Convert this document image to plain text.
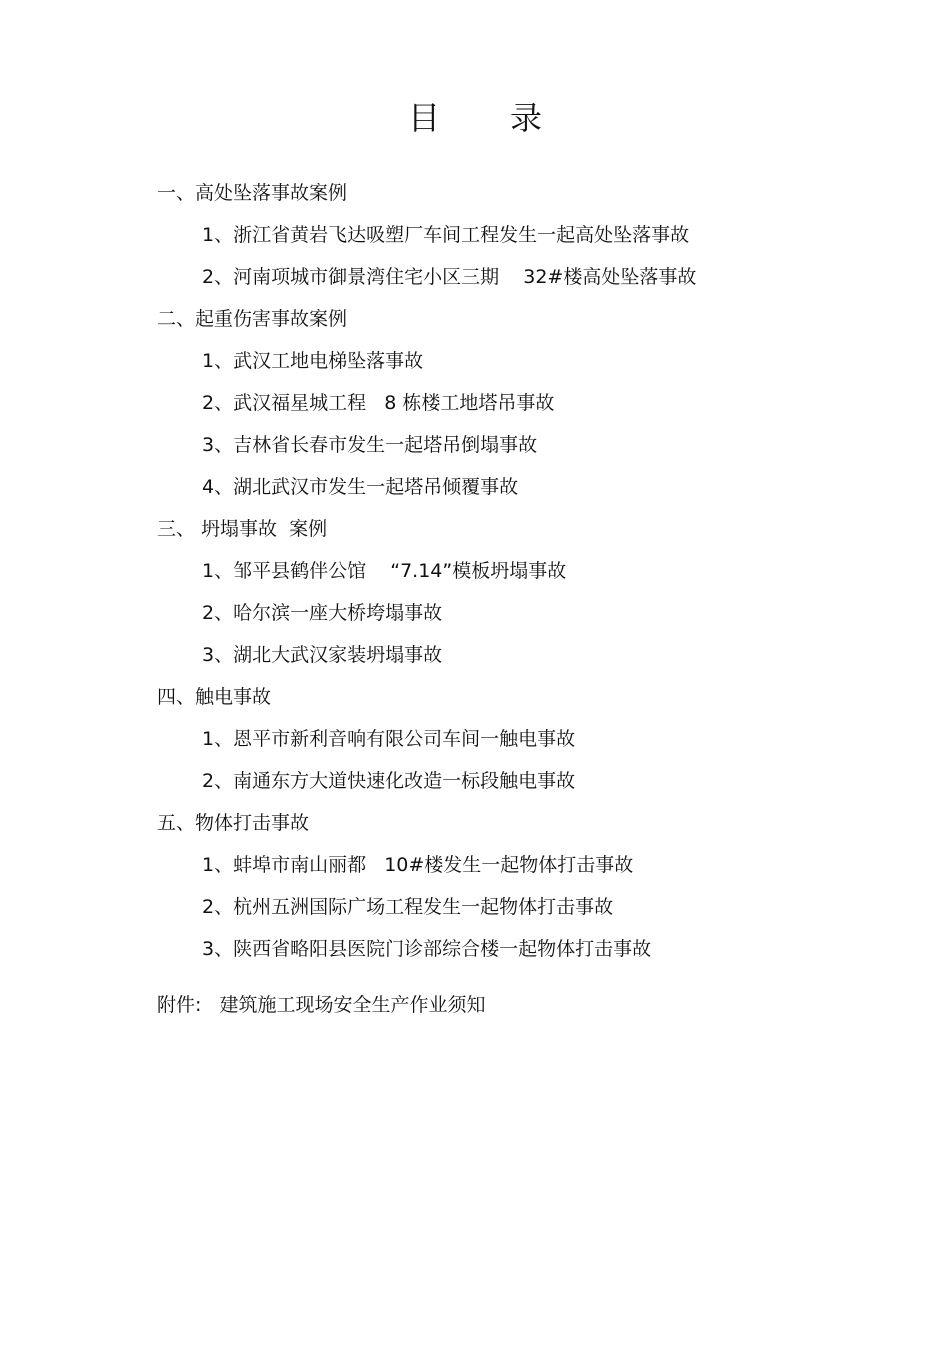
目 录
一、高处坠落事故案例
1、浙江省黄岩飞达吸塑厂车间工程发生一起高处坠落事故
2、河南项城市御景湾住宅小区三期    32#楼高处坠落事故
二、起重伤害事故案例
1、武汉工地电梯坠落事故
2、武汉福星城工程   8 栋楼工地塔吊事故
3、吉林省长春市发生一起塔吊倒塌事故
4、湖北武汉市发生一起塔吊倾覆事故
三、 坍塌事故  案例
1、邹平县鹤伴公馆    “7.14”模板坍塌事故
2、哈尔滨一座大桥垮塌事故
3、湖北大武汉家装坍塌事故
四、触电事故
1、恩平市新利音响有限公司车间一触电事故
2、南通东方大道快速化改造一标段触电事故
五、物体打击事故
1、蚌埠市南山丽都   10#楼发生一起物体打击事故
2、杭州五洲国际广场工程发生一起物体打击事故
3、陕西省略阳县医院门诊部综合楼一起物体打击事故
附件:   建筑施工现场安全生产作业须知
